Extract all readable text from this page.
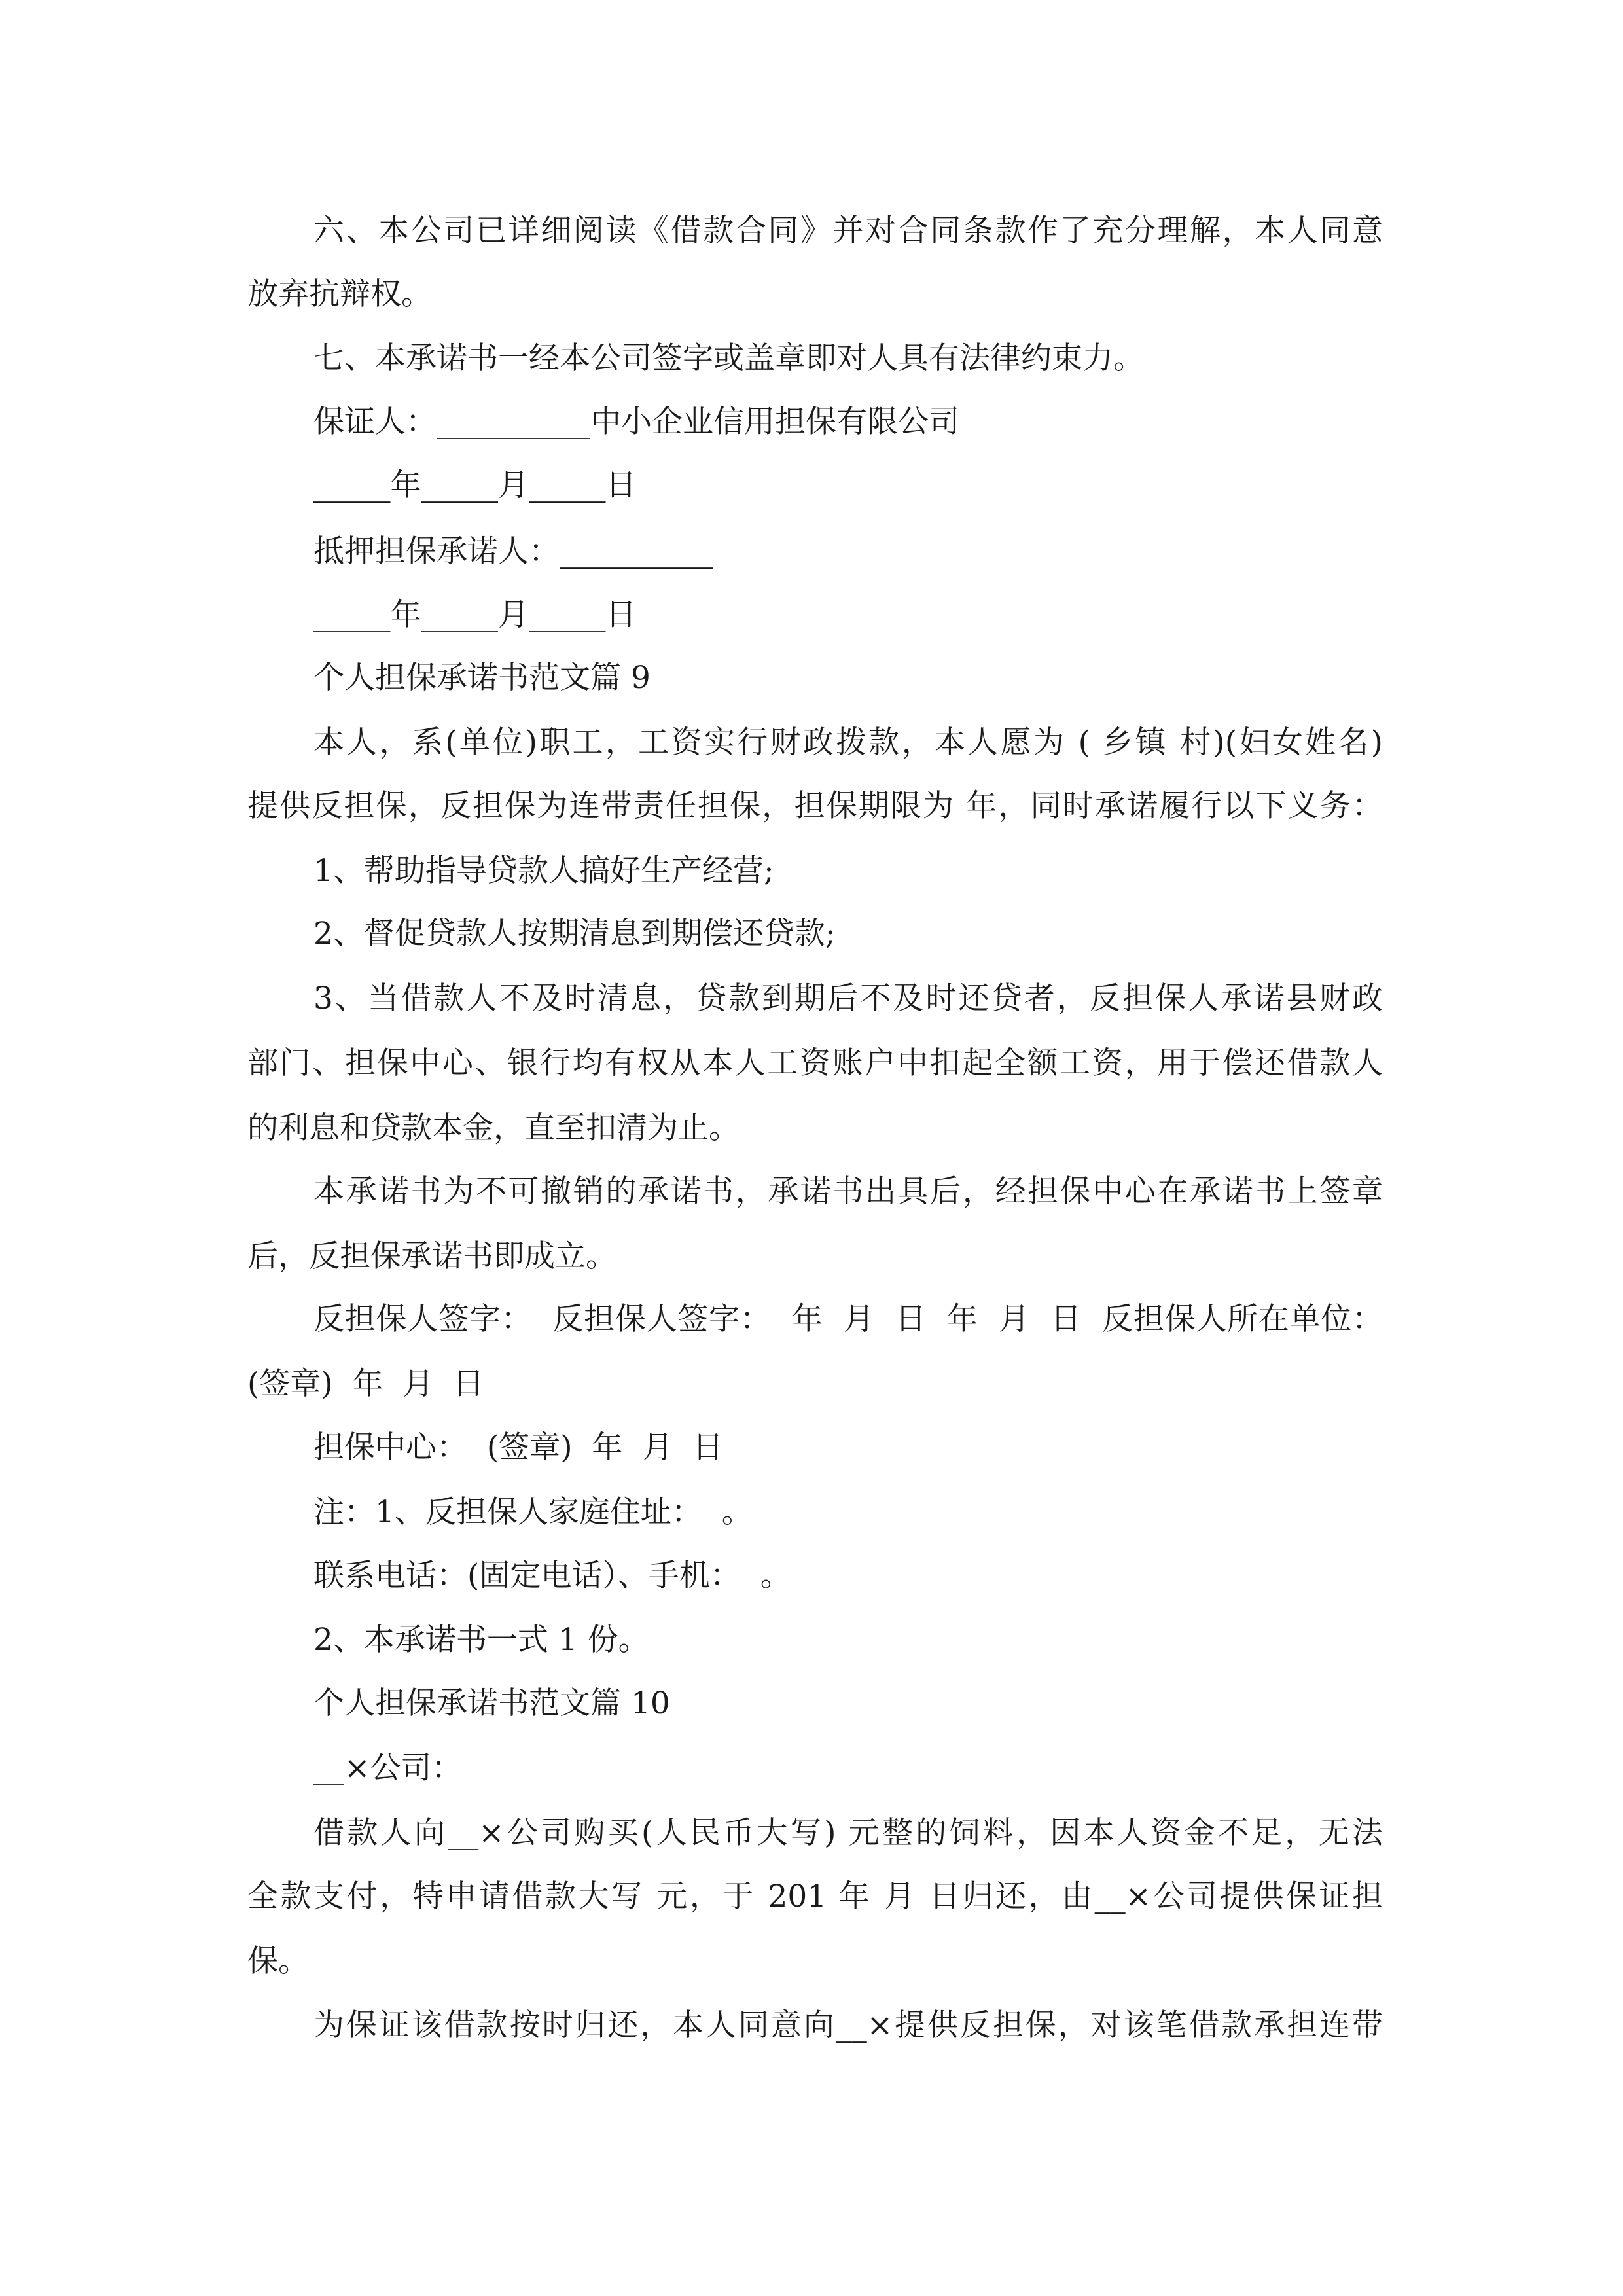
六、本公司已详细阅读《借款合同》并对合同条款作了充分理解，本人同意
放弃抗辩权。
七、本承诺书一经本公司签字或盖章即对人具有法律约束力。
保证人：__________中小企业信用担保有限公司
_____年_____月_____日
抵押担保承诺人：__________
_____年_____月_____日
个人担保承诺书范文篇 9
本人，系(单位)职工，工资实行财政拨款，本人愿为 ( 乡镇 村)(妇女姓名)
提供反担保，反担保为连带责任担保，担保期限为 年，同时承诺履行以下义务：
1、帮助指导贷款人搞好生产经营;
2、督促贷款人按期清息到期偿还贷款;
3、当借款人不及时清息，贷款到期后不及时还贷者，反担保人承诺县财政
部门、担保中心、银行均有权从本人工资账户中扣起全额工资，用于偿还借款人
的利息和贷款本金，直至扣清为止。
本承诺书为不可撤销的承诺书，承诺书出具后，经担保中心在承诺书上签章
后，反担保承诺书即成立。
反担保人签字：  反担保人签字：  年  月  日  年  月  日  反担保人所在单位：
(签章)  年  月  日
担保中心：  (签章)  年  月  日
注：1、反担保人家庭住址：  。
联系电话：(固定电话）、手机：  。
2、本承诺书一式 1 份。
个人担保承诺书范文篇 10
__×公司：
借款人向__×公司购买(人民币大写) 元整的饲料，因本人资金不足，无法
全款支付，特申请借款大写 元，于 201 年 月 日归还，由__×公司提供保证担
保。
为保证该借款按时归还，本人同意向__×提供反担保，对该笔借款承担连带
